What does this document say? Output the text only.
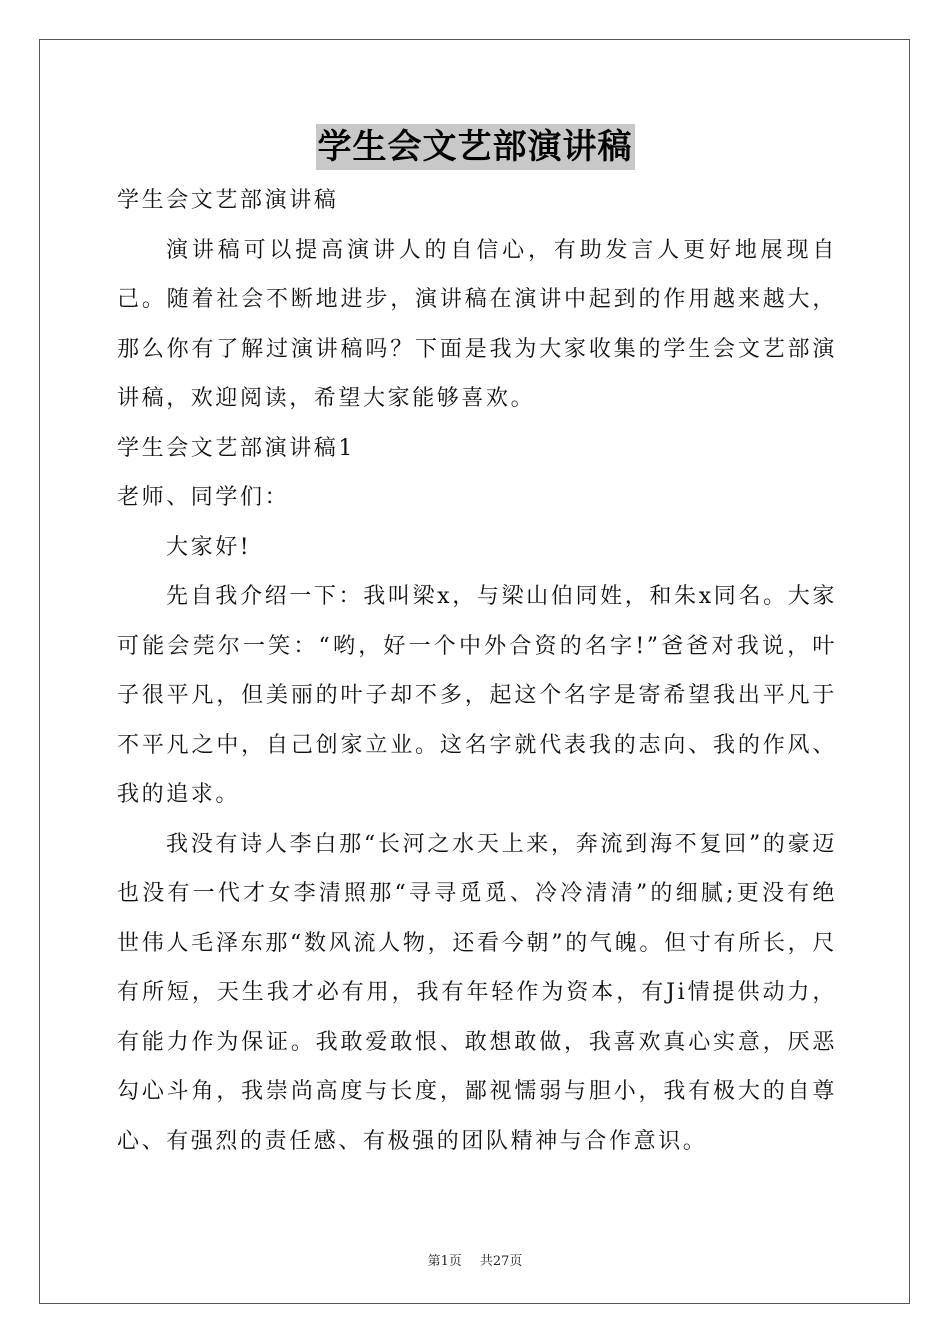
学生会文艺部演讲稿

学生会文艺部演讲稿

演讲稿可以提高演讲人的自信心，有助发言人更好地展现自己。随着社会不断地进步，演讲稿在演讲中起到的作用越来越大，那么你有了解过演讲稿吗？下面是我为大家收集的学生会文艺部演讲稿，欢迎阅读，希望大家能够喜欢。

学生会文艺部演讲稿1

老师、同学们：

大家好!

先自我介绍一下：我叫梁x，与梁山伯同姓，和朱x同名。大家可能会莞尔一笑：“哟，好一个中外合资的名字!”爸爸对我说，叶子很平凡，但美丽的叶子却不多，起这个名字是寄希望我出平凡于不平凡之中，自己创家立业。这名字就代表我的志向、我的作风、我的追求。

我没有诗人李白那“长河之水天上来，奔流到海不复回”的豪迈也没有一代才女李清照那“寻寻觅觅、冷冷清清”的细腻;更没有绝世伟人毛泽东那“数风流人物，还看今朝”的气魄。但寸有所长，尺有所短，天生我才必有用，我有年轻作为资本，有Ji情提供动力，有能力作为保证。我敢爱敢恨、敢想敢做，我喜欢真心实意，厌恶勾心斗角，我崇尚高度与长度，鄙视懦弱与胆小，我有极大的自尊心、有强烈的责任感、有极强的团队精神与合作意识。

第1页 共27页
